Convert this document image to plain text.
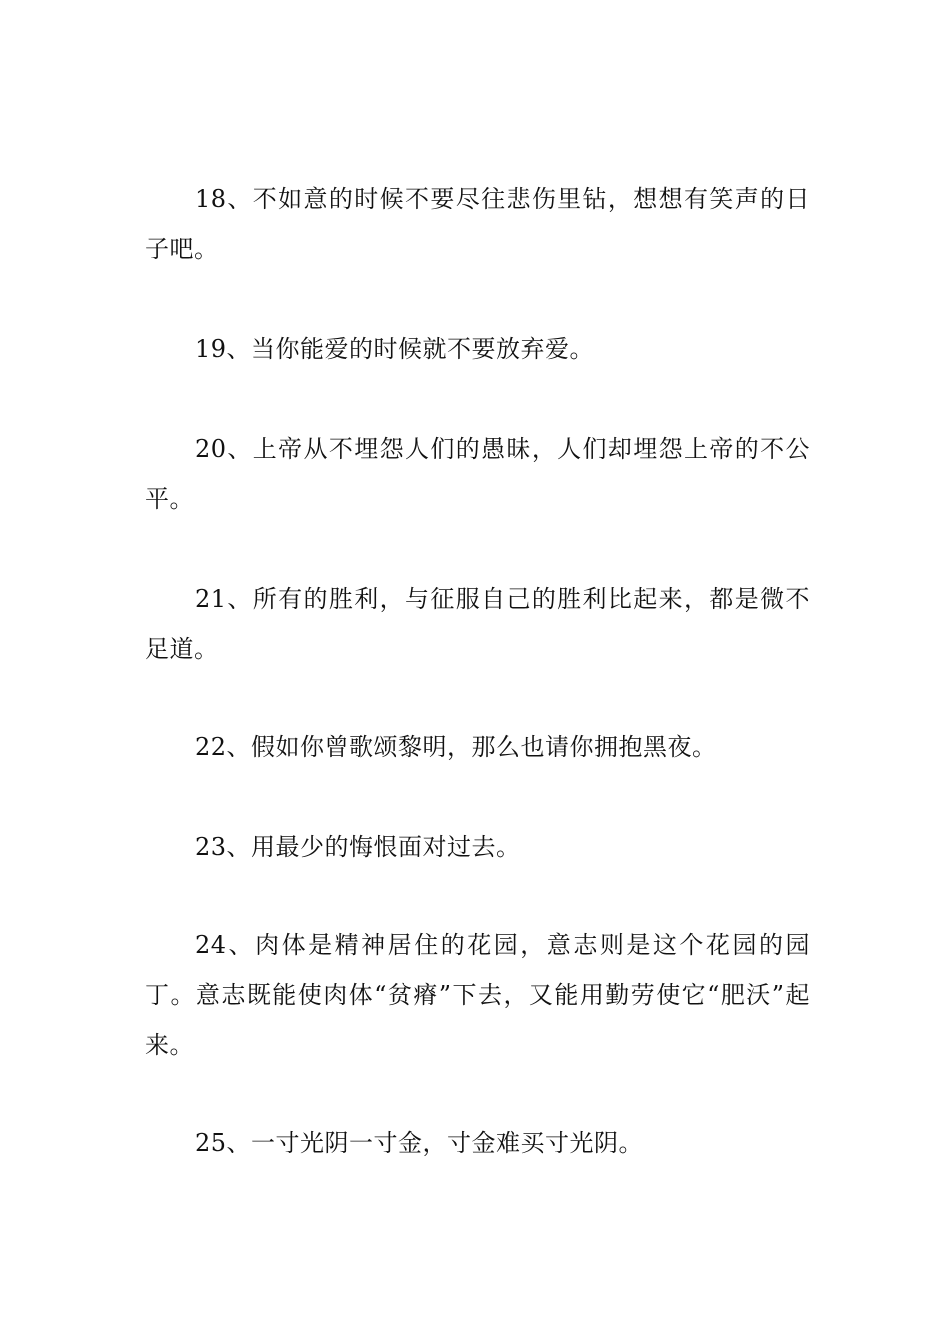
18、不如意的时候不要尽往悲伤里钻，想想有笑声的日子吧。

19、当你能爱的时候就不要放弃爱。

20、上帝从不埋怨人们的愚昧，人们却埋怨上帝的不公平。

21、所有的胜利，与征服自己的胜利比起来，都是微不足道。

22、假如你曾歌颂黎明，那么也请你拥抱黑夜。

23、用最少的悔恨面对过去。

24、肉体是精神居住的花园，意志则是这个花园的园丁。意志既能使肉体“贫瘠”下去，又能用勤劳使它“肥沃”起来。

25、一寸光阴一寸金，寸金难买寸光阴。
